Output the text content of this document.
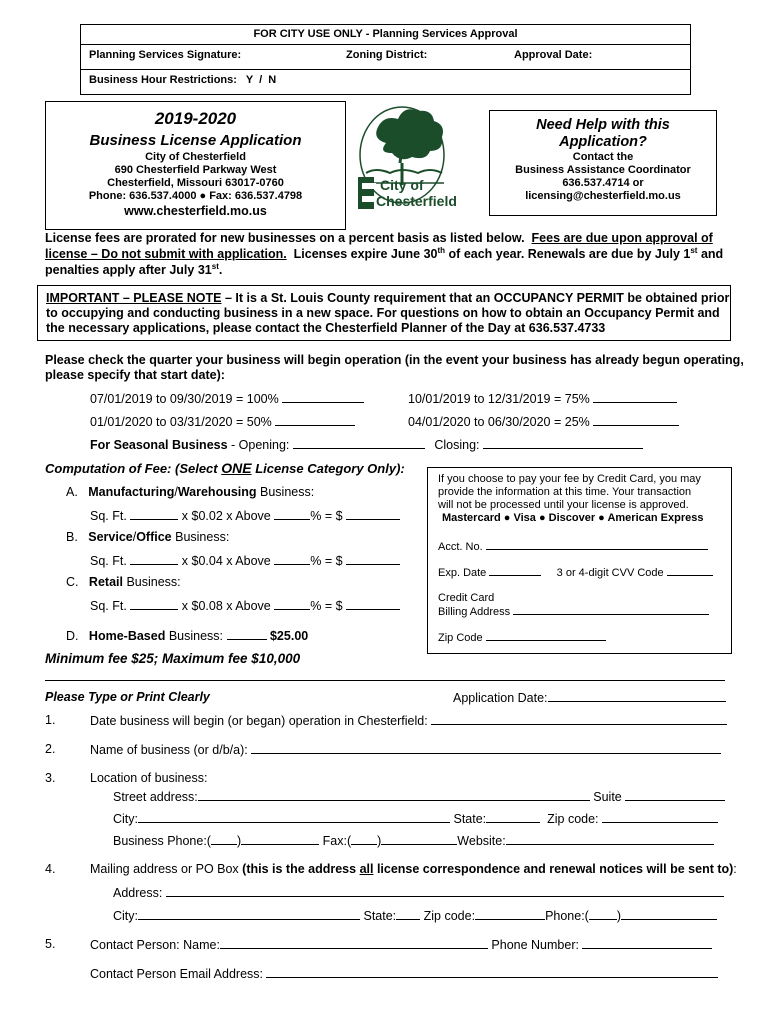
FOR CITY USE ONLY - Planning Services Approval
Planning Services Signature:	Zoning District:	Approval Date:
Business Hour Restrictions:   Y  /  N
2019-2020
Business License Application
City of Chesterfield
690 Chesterfield Parkway West
Chesterfield, Missouri 63017-0760
Phone: 636.537.4000 ● Fax: 636.537.4798
www.chesterfield.mo.us
City of
Chesterfield
Need Help with this
Application?
Contact the
Business Assistance Coordinator
636.537.4714 or
licensing@chesterfield.mo.us
License fees are prorated for new businesses on a percent basis as listed below. Fees are due upon approval of
license – Do not submit with application. Licenses expire June 30th of each year. Renewals are due by July 1st and
penalties apply after July 31st.
IMPORTANT – PLEASE NOTE – It is a St. Louis County requirement that an OCCUPANCY PERMIT be obtained prior
to occupying and conducting business in a new space. For questions on how to obtain an Occupancy Permit and
the necessary applications, please contact the Chesterfield Planner of the Day at 636.537.4733
Please check the quarter your business will begin operation (in the event your business has already begun operating,
please specify that start date):
07/01/2019 to 09/30/2019 = 100%	10/01/2019 to 12/31/2019 = 75%
01/01/2020 to 03/31/2020 = 50%	04/01/2020 to 06/30/2020 = 25%
For Seasonal Business - Opening:	Closing:
Computation of Fee: (Select ONE License Category Only):
A. Manufacturing/Warehousing Business:
Sq. Ft.	x $0.02 x Above	% = $
B. Service/Office Business:
Sq. Ft.	x $0.04 x Above	% = $
C. Retail Business:
Sq. Ft.	x $0.08 x Above	% = $
D. Home-Based Business:	$25.00
Minimum fee $25; Maximum fee $10,000
If you choose to pay your fee by Credit Card, you may
provide the information at this time. Your transaction
will not be processed until your license is approved.
Mastercard ● Visa ● Discover ● American Express
Acct. No.
Exp. Date	3 or 4-digit CVV Code
Credit Card
Billing Address
Zip Code
Please Type or Print Clearly	Application Date:
1.	Date business will begin (or began) operation in Chesterfield:
2.	Name of business (or d/b/a):
3.	Location of business:
Street address:	Suite
City:	State:	Zip code:
Business Phone:( )	Fax:( )	Website:
4.	Mailing address or PO Box (this is the address all license correspondence and renewal notices will be sent to):
Address:
City:	State: Zip code:	Phone:( )
5.	Contact Person: Name:	Phone Number:
Contact Person Email Address:
